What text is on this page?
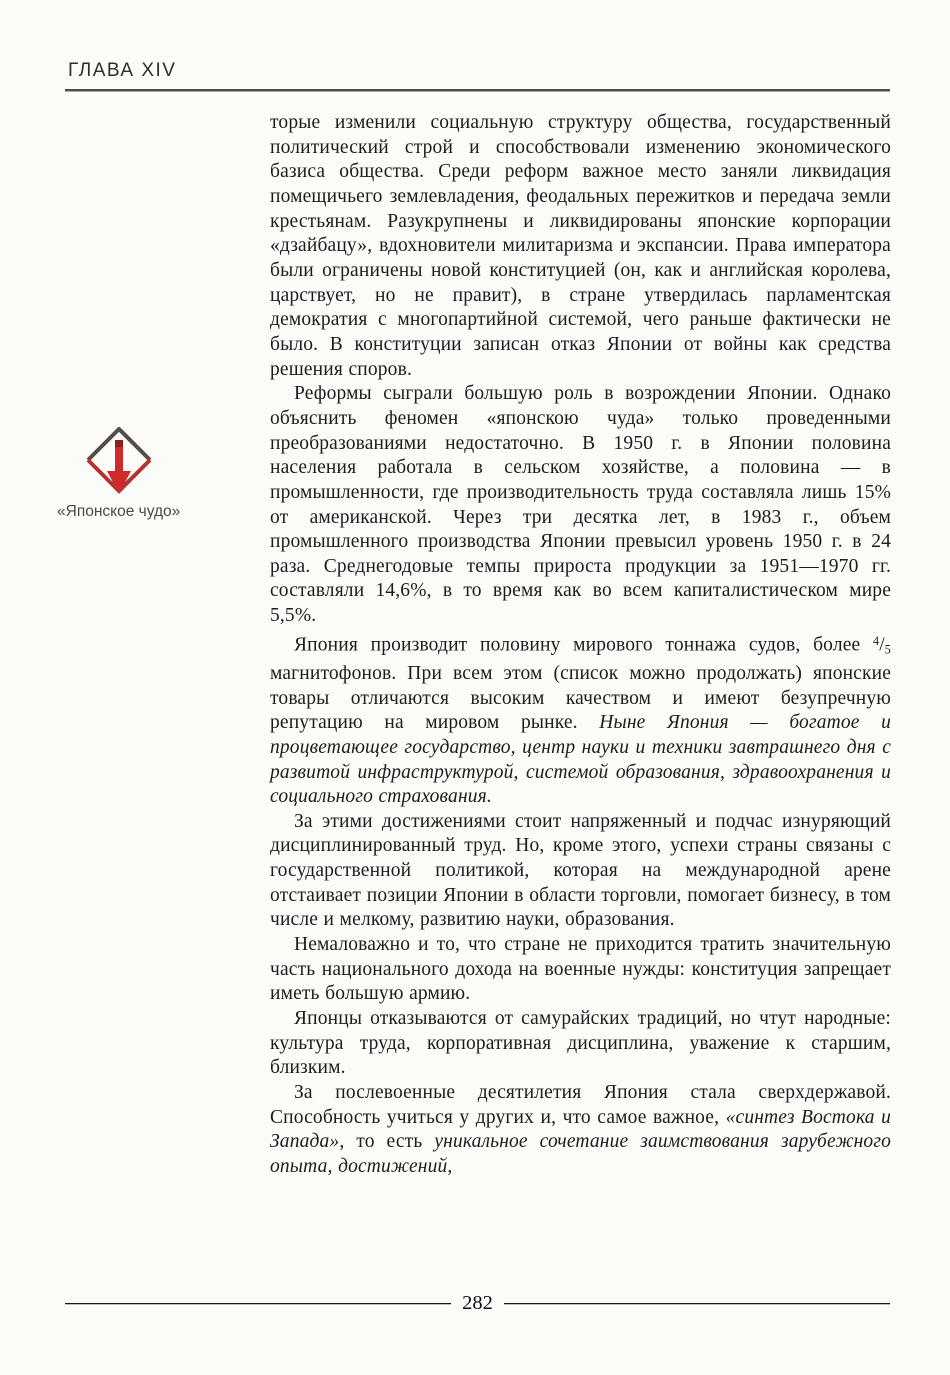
ГЛАВА XIV
«Японское чудо»

торые изменили социальную структуру общества, государственный политический строй и способствовали изменению экономического базиса общества. Среди реформ важное место заняли ликвидация помещичьего землевладения, феодальных пережитков и передача земли крестьянам. Разукрупнены и ликвидированы японские корпорации «дзайбацу», вдохновители милитаризма и экспансии. Права императора были ограничены новой конституцией (он, как и английская королева, царствует, но не правит), в стране утвердилась парламентская демократия с многопартийной системой, чего раньше фактически не было. В конституции записан отказ Японии от войны как средства решения споров.

Реформы сыграли большую роль в возрождении Японии. Однако объяснить феномен «японскою чуда» только проведенными преобразованиями недостаточно. В 1950 г. в Японии половина населения работала в сельском хозяйстве, а половина — в промышленности, где производительность труда составляла лишь 15% от американской. Через три десятка лет, в 1983 г., объем промышленного производства Японии превысил уровень 1950 г. в 24 раза. Среднегодовые темпы прироста продукции за 1951—1970 гг. составляли 14,6%, в то время как во всем капиталистическом мире 5,5%.

Япония производит половину мирового тоннажа судов, более $^4$/5 магнитофонов. При всем этом (список можно продолжать) японские товары отличаются высоким качеством и имеют безупречную репутацию на мировом рынке. Ныне Япония — богатое и процветающее государство, центр науки и техники завтрашнего дня с развитой инфраструктурой, системой образования, здравоохранения и социального страхования.

За этими достижениями стоит напряженный и подчас изнуряющий дисциплинированный труд. Но, кроме этого, успехи страны связаны с государственной политикой, которая на международной арене отстаивает позиции Японии в области торговли, помогает бизнесу, в том числе и мелкому, развитию науки, образования.

Немаловажно и то, что стране не приходится тратить значительную часть национального дохода на военные нужды: конституция запрещает иметь большую армию.

Японцы отказываются от самурайских традиций, но чтут народные: культура труда, корпоративная дисциплина, уважение к старшим, близким.

За послевоенные десятилетия Япония стала сверхдержавой. Способность учиться у других и, что самое важное, «синтез Востока и Запада», то есть уникальное сочетание заимствования зарубежного опыта, достижений,

282
